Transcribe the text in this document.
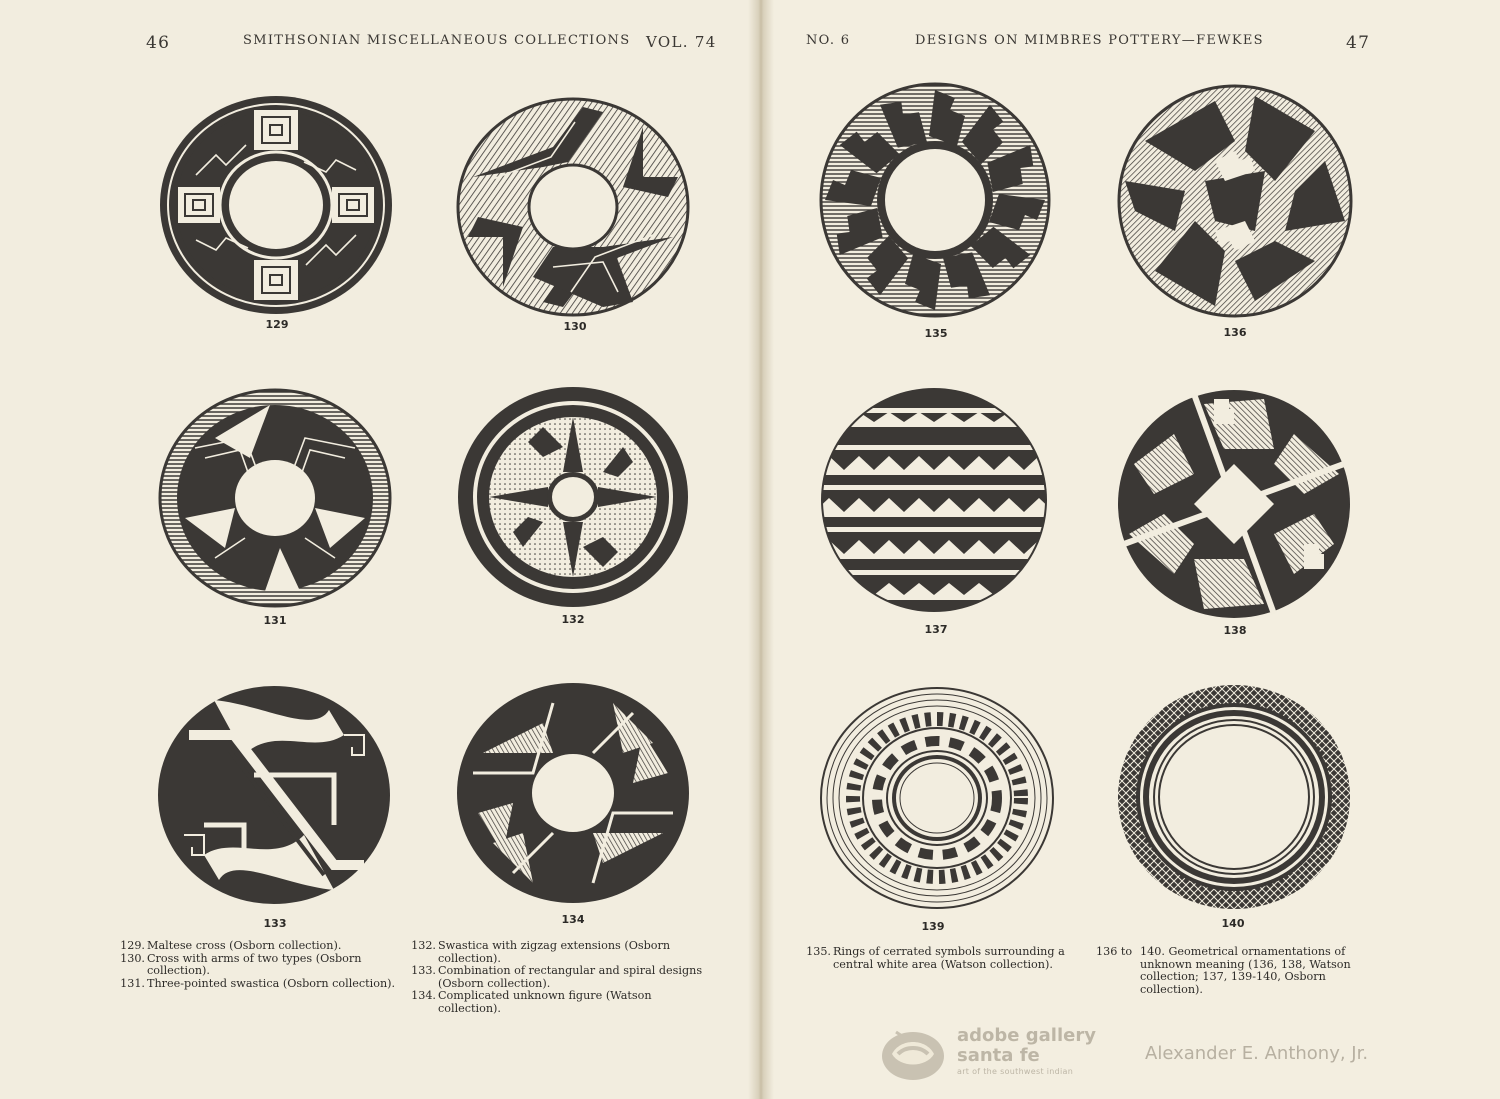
46	SMITHSONIAN MISCELLANEOUS COLLECTIONS VOL. 74	NO. 6	DESIGNS ON MIMBRES POTTERY—FEWKES	47
129	130
131	132
133	134
135	136
137	138
139	140
129. Maltese cross (Osborn collection).
130. Cross with arms of two types (Osborn collection).
131. Three-pointed swastica (Osborn collection).
132. Swastica with zigzag extensions (Osborn collection).
133. Combination of rectangular and spiral designs (Osborn collection).
134. Complicated unknown figure (Watson collection).
135. Rings of cerrated symbols surrounding a central white area (Watson collection).
136 to 140. Geometrical ornamentations of unknown meaning (136, 138, Watson collection; 137, 139-140, Osborn collection).
adobe gallery
santa fe
art of the southwest indian
Alexander E. Anthony, Jr.
